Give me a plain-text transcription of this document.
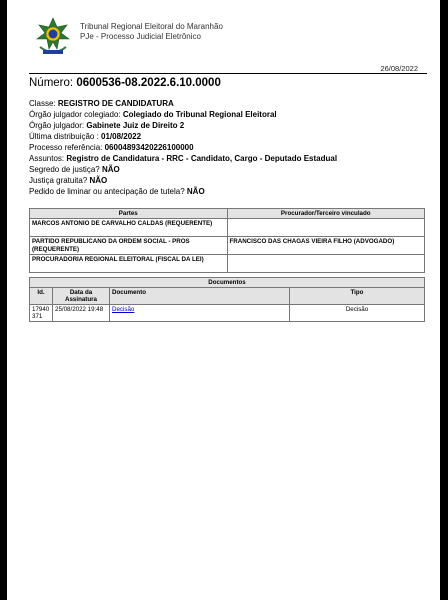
Tribunal Regional Eleitoral do Maranhão
PJe - Processo Judicial Eletrônico
26/08/2022
Número: 0600536-08.2022.6.10.0000
Classe: REGISTRO DE CANDIDATURA
Órgão julgador colegiado: Colegiado do Tribunal Regional Eleitoral
Órgão julgador: Gabinete Juiz de Direito 2
Última distribuição : 01/08/2022
Processo referência: 06004893420226100000
Assuntos: Registro de Candidatura - RRC - Candidato, Cargo - Deputado Estadual
Segredo de justiça? NÃO
Justiça gratuita? NÃO
Pedido de liminar ou antecipação de tutela? NÃO
Partes	Procurador/Terceiro vinculado
MARCOS ANTONIO DE CARVALHO CALDAS (REQUERENTE)	
PARTIDO REPUBLICANO DA ORDEM SOCIAL - PROS (REQUERENTE)	FRANCISCO DAS CHAGAS VIEIRA FILHO (ADVOGADO)
PROCURADORIA REGIONAL ELEITORAL (FISCAL DA LEI)	
Documentos			
Id.	Data da Assinatura	Documento	Tipo
17940371	25/08/2022 19:48	Decisão	Decisão
